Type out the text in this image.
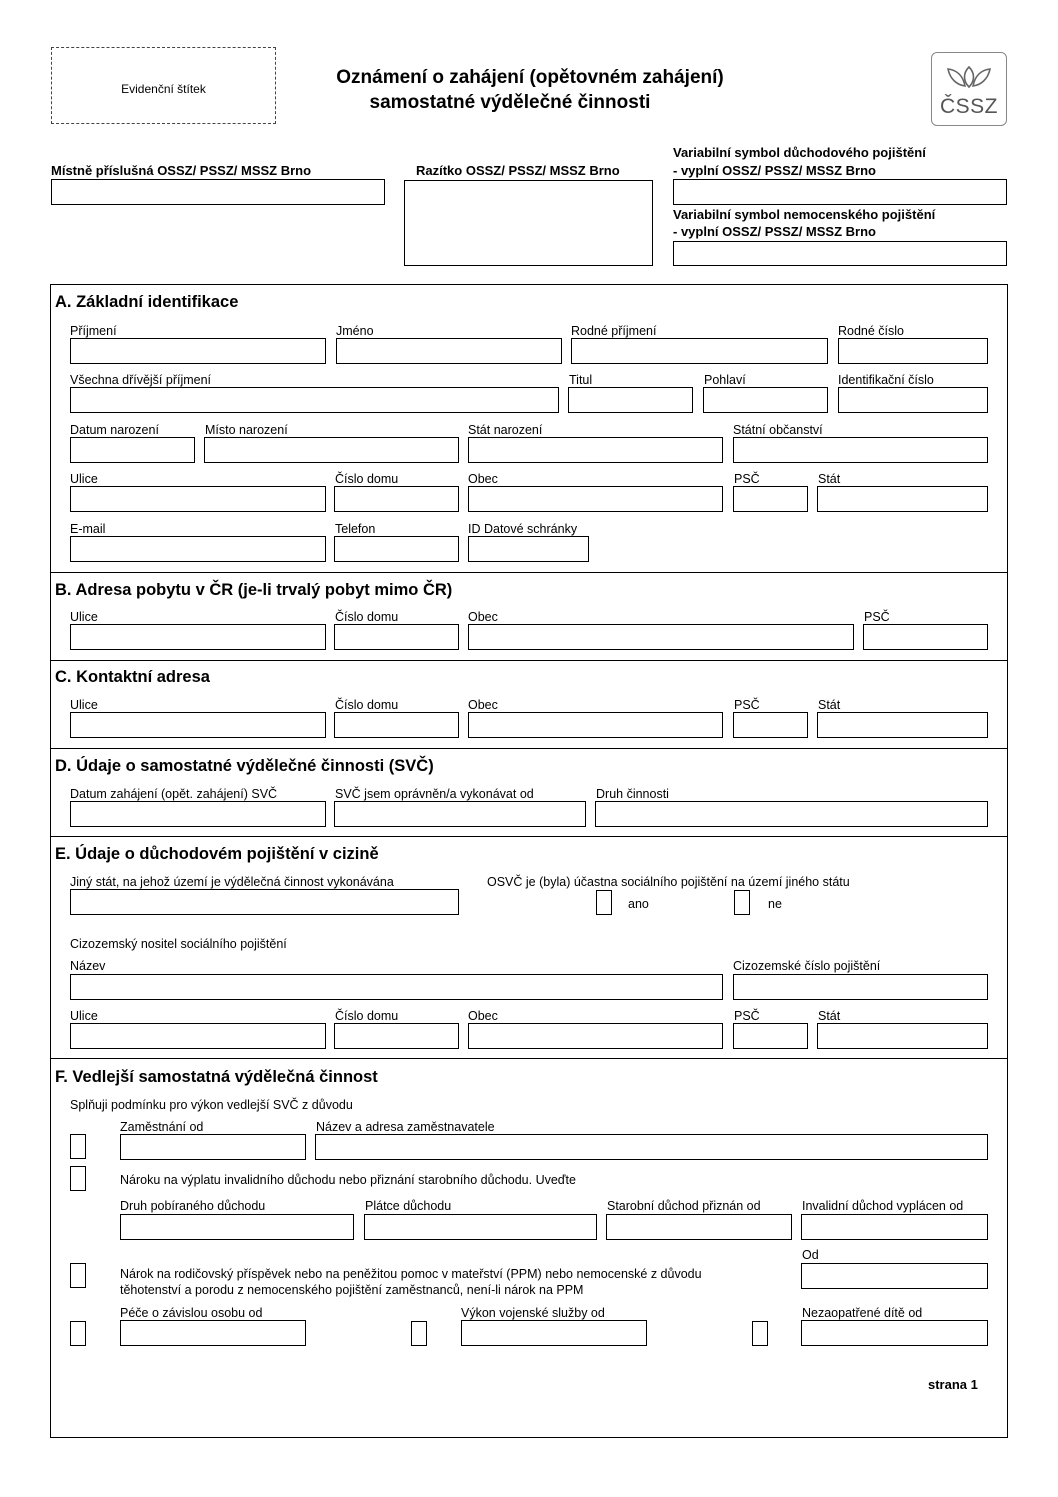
Evidenční štítek
Oznámení o zahájení (opětovném zahájení)
samostatné výdělečné činnosti	ČSSZ
Místně příslušná OSSZ/ PSSZ/ MSSZ Brno	Razítko OSSZ/ PSSZ/ MSSZ Brno
Variabilní symbol důchodového pojištění
- vyplní OSSZ/ PSSZ/ MSSZ Brno
Variabilní symbol nemocenského pojištění
- vyplní OSSZ/ PSSZ/ MSSZ Brno
A. Základní identifikace
Příjmení	Jméno	Rodné příjmení	Rodné číslo
Všechna dřívější příjmení	Titul	Pohlaví	Identifikační číslo
Datum narození	Místo narození	Stát narození	Státní občanství
Ulice	Číslo domu	Obec	PSČ	Stát
E-mail	Telefon	ID Datové schránky
B. Adresa pobytu v ČR (je-li trvalý pobyt mimo ČR)
Ulice	Číslo domu	Obec	PSČ
C. Kontaktní adresa
Ulice	Číslo domu	Obec	PSČ	Stát
D. Údaje o samostatné výdělečné činnosti (SVČ)
Datum zahájení (opět. zahájení) SVČ	SVČ jsem oprávněn/a vykonávat od	Druh činnosti
E. Údaje o důchodovém pojištění v cizině
Jiný stát, na jehož území je výdělečná činnost vykonávána	OSVČ je (byla) účastna sociálního pojištění na území jiného státu
ano	ne
Cizozemský nositel sociálního pojištění
Název	Cizozemské číslo pojištění
Ulice	Číslo domu	Obec	PSČ	Stát
F. Vedlejší samostatná výdělečná činnost
Splňuji podmínku pro výkon vedlejší SVČ z důvodu
Zaměstnání od	Název a adresa zaměstnavatele
Nároku na výplatu invalidního důchodu nebo přiznání starobního důchodu. Uveďte
Druh pobíraného důchodu	Plátce důchodu	Starobní důchod přiznán od	Invalidní důchod vyplácen od
Nárok na rodičovský příspěvek nebo na peněžitou pomoc v mateřství (PPM) nebo nemocenské z důvodu
těhotenství a porodu z nemocenského pojištění zaměstnanců, není-li nárok na PPM
Od
Péče o závislou osobu od	Výkon vojenské služby od	Nezaopatřené dítě od
strana 1
